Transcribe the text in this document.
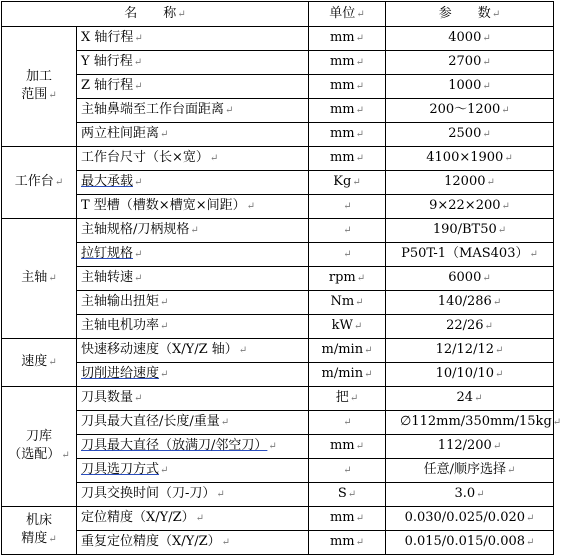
名　　称↵		单位↵	参　　数↵

加工
范围↵	X 轴行程↵	mm↵	4000↵
	Y 轴行程↵	mm↵	2700↵
	Z 轴行程↵	mm↵	1000↵
	主轴鼻端至工作台面距离↵	mm↵	200～1200↵
	两立柱间距离↵	mm↵	2500↵

工作台↵	工作台尺寸（长×宽）↵	mm↵	4100×1900↵
	最大承载↵	Kg↵	12000↵
	T 型槽（槽数×槽宽×间距）↵	↵	9×22×200↵

主轴↵	主轴规格/刀柄规格↵	↵	190/BT50↵
	拉钉规格↵	↵	P50T-1（MAS403）↵
	主轴转速↵	rpm↵	6000↵
	主轴输出扭矩↵	Nm↵	140/286↵
	主轴电机功率↵	kW↵	22/26↵

速度↵	快速移动速度（X/Y/Z 轴）↵	m/min↵	12/12/12↵
	切削进给速度↵	m/min↵	10/10/10↵

刀库
（选配）↵	刀具数量↵	把↵	24↵
	刀具最大直径/长度/重量↵	↵	∅112mm/350mm/15kg↵
	刀具最大直径（放满刀/邻空刀）↵	mm↵	112/200↵
	刀具选刀方式↵	↵	任意/顺序选择↵
	刀具交换时间（刀-刀）↵	S↵	3.0↵

机床
精度↵	定位精度（X/Y/Z）↵	mm↵	0.030/0.025/0.020↵
	重复定位精度（X/Y/Z）↵	mm↵	0.015/0.015/0.008↵
